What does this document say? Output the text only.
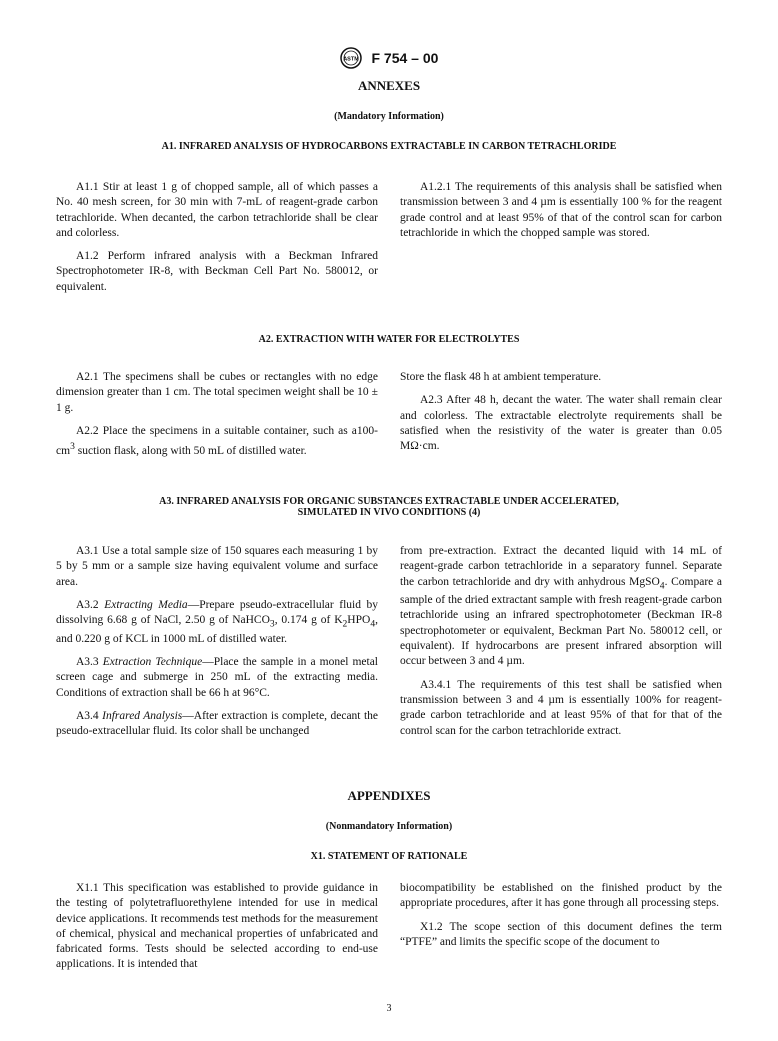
ASTM F 754 – 00
ANNEXES
(Mandatory Information)
A1. INFRARED ANALYSIS OF HYDROCARBONS EXTRACTABLE IN CARBON TETRACHLORIDE

A1.1 Stir at least 1 g of chopped sample, all of which passes a No. 40 mesh screen, for 30 min with 7-mL of reagent-grade carbon tetrachloride. When decanted, the carbon tetrachloride shall be clear and colorless.

A1.2 Perform infrared analysis with a Beckman Infrared Spectrophotometer IR-8, with Beckman Cell Part No. 580012, or equivalent.

A1.2.1 The requirements of this analysis shall be satisfied when transmission between 3 and 4 µm is essentially 100 % for the reagent grade control and at least 95% of that of the control scan for carbon tetrachloride in which the chopped sample was stored.

A2. EXTRACTION WITH WATER FOR ELECTROLYTES

A2.1 The specimens shall be cubes or rectangles with no edge dimension greater than 1 cm. The total specimen weight shall be 10 ± 1 g.

A2.2 Place the specimens in a suitable container, such as $a100-cm^3$ suction flask, along with 50 mL of distilled water.

Store the flask 48 h at ambient temperature.

A2.3 After 48 h, decant the water. The water shall remain clear and colorless. The extractable electrolyte requirements shall be satisfied when the resistivity of the water is greater than 0.05 MΩ·cm.

A3. INFRARED ANALYSIS FOR ORGANIC SUBSTANCES EXTRACTABLE UNDER ACCELERATED,
SIMULATED IN VIVO CONDITIONS (4)

A3.1 Use a total sample size of 150 squares each measuring 1 by 5 by 5 mm or a sample size having equivalent volume and surface area.

A3.2 Extracting Media—Prepare pseudo-extracellular fluid by dissolving 6.68 g of NaCl, 2.50 g of NaHCO$_3$, 0.174 g of $K_2HPO_4$, and 0.220 g of KCL in 1000 mL of distilled water.

A3.3 Extraction Technique—Place the sample in a monel metal screen cage and submerge in 250 mL of the extracting media. Conditions of extraction shall be 66 h at 96°C.

A3.4 Infrared Analysis—After extraction is complete, decant the pseudo-extracellular fluid. Its color shall be unchanged

from pre-extraction. Extract the decanted liquid with 14 mL of reagent-grade carbon tetrachloride in a separatory funnel. Separate the carbon tetrachloride and dry with anhydrous MgSO$_4$. Compare a sample of the dried extractant sample with fresh reagent-grade carbon tetrachloride using an infrared spectrophotometer (Beckman IR-8 spectrophotometer or equivalent, Beckman Part No. 580012 cell, or equivalent). If hydrocarbons are present infrared absorption will occur between 3 and 4 µm.

A3.4.1 The requirements of this test shall be satisfied when transmission between 3 and 4 µm is essentially 100% for reagent-grade carbon tetrachloride and at least 95% of that for that of the control scan for the carbon tetrachloride extract.

APPENDIXES
(Nonmandatory Information)
X1. STATEMENT OF RATIONALE

X1.1 This specification was established to provide guidance in the testing of polytetrafluorethylene intended for use in medical device applications. It recommends test methods for the measurement of chemical, physical and mechanical properties of unfabricated and fabricated forms. Tests should be selected according to end-use applications. It is intended that

biocompatibility be established on the finished product by the appropriate procedures, after it has gone through all processing steps.

X1.2 The scope section of this document defines the term “PTFE” and limits the specific scope of the document to

3
